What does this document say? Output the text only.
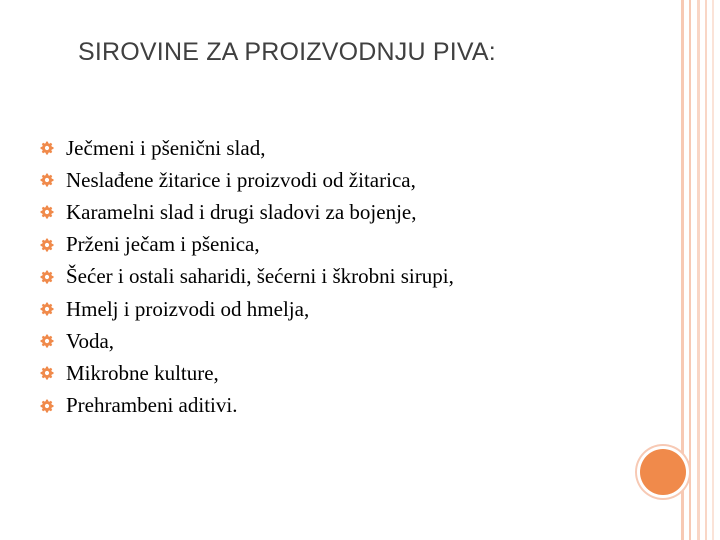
SIROVINE ZA PROIZVODNJU PIVA:
Ječmeni i pšenični slad,
Neslađene žitarice i proizvodi od žitarica,
Karamelni slad i drugi sladovi za bojenje,
Prženi ječam i pšenica,
Šećer i ostali saharidi, šećerni i škrobni sirupi,
Hmelj i proizvodi od hmelja,
Voda,
Mikrobne kulture,
Prehrambeni aditivi.
